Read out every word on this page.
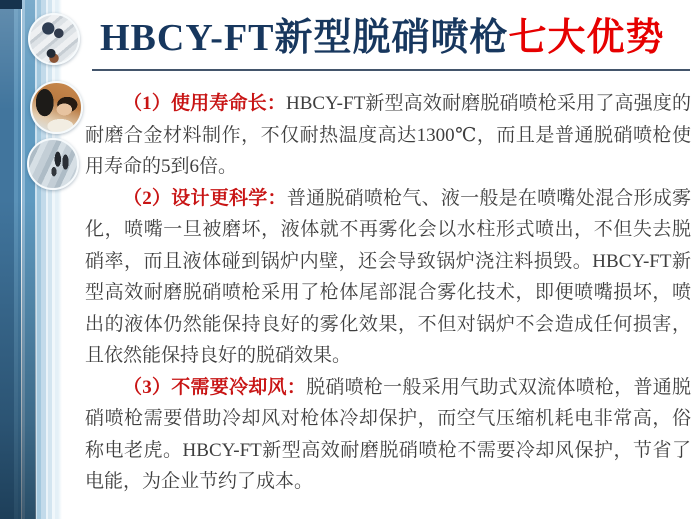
HBCY-FT新型脱硝喷枪七大优势

（1）使用寿命长：HBCY-FT新型高效耐磨脱硝喷枪采用了高强度的耐磨合金材料制作，不仅耐热温度高达1300℃，而且是普通脱硝喷枪使用寿命的5到6倍。

（2）设计更科学：普通脱硝喷枪气、液一般是在喷嘴处混合形成雾化，喷嘴一旦被磨坏，液体就不再雾化会以水柱形式喷出，不但失去脱硝率，而且液体碰到锅炉内壁，还会导致锅炉浇注料损毁。HBCY-FT新型高效耐磨脱硝喷枪采用了枪体尾部混合雾化技术，即便喷嘴损坏，喷出的液体仍然能保持良好的雾化效果，不但对锅炉不会造成任何损害，且依然能保持良好的脱硝效果。

（3）不需要冷却风：脱硝喷枪一般采用气助式双流体喷枪，普通脱硝喷枪需要借助冷却风对枪体冷却保护，而空气压缩机耗电非常高，俗称电老虎。HBCY-FT新型高效耐磨脱硝喷枪不需要冷却风保护，节省了电能，为企业节约了成本。
